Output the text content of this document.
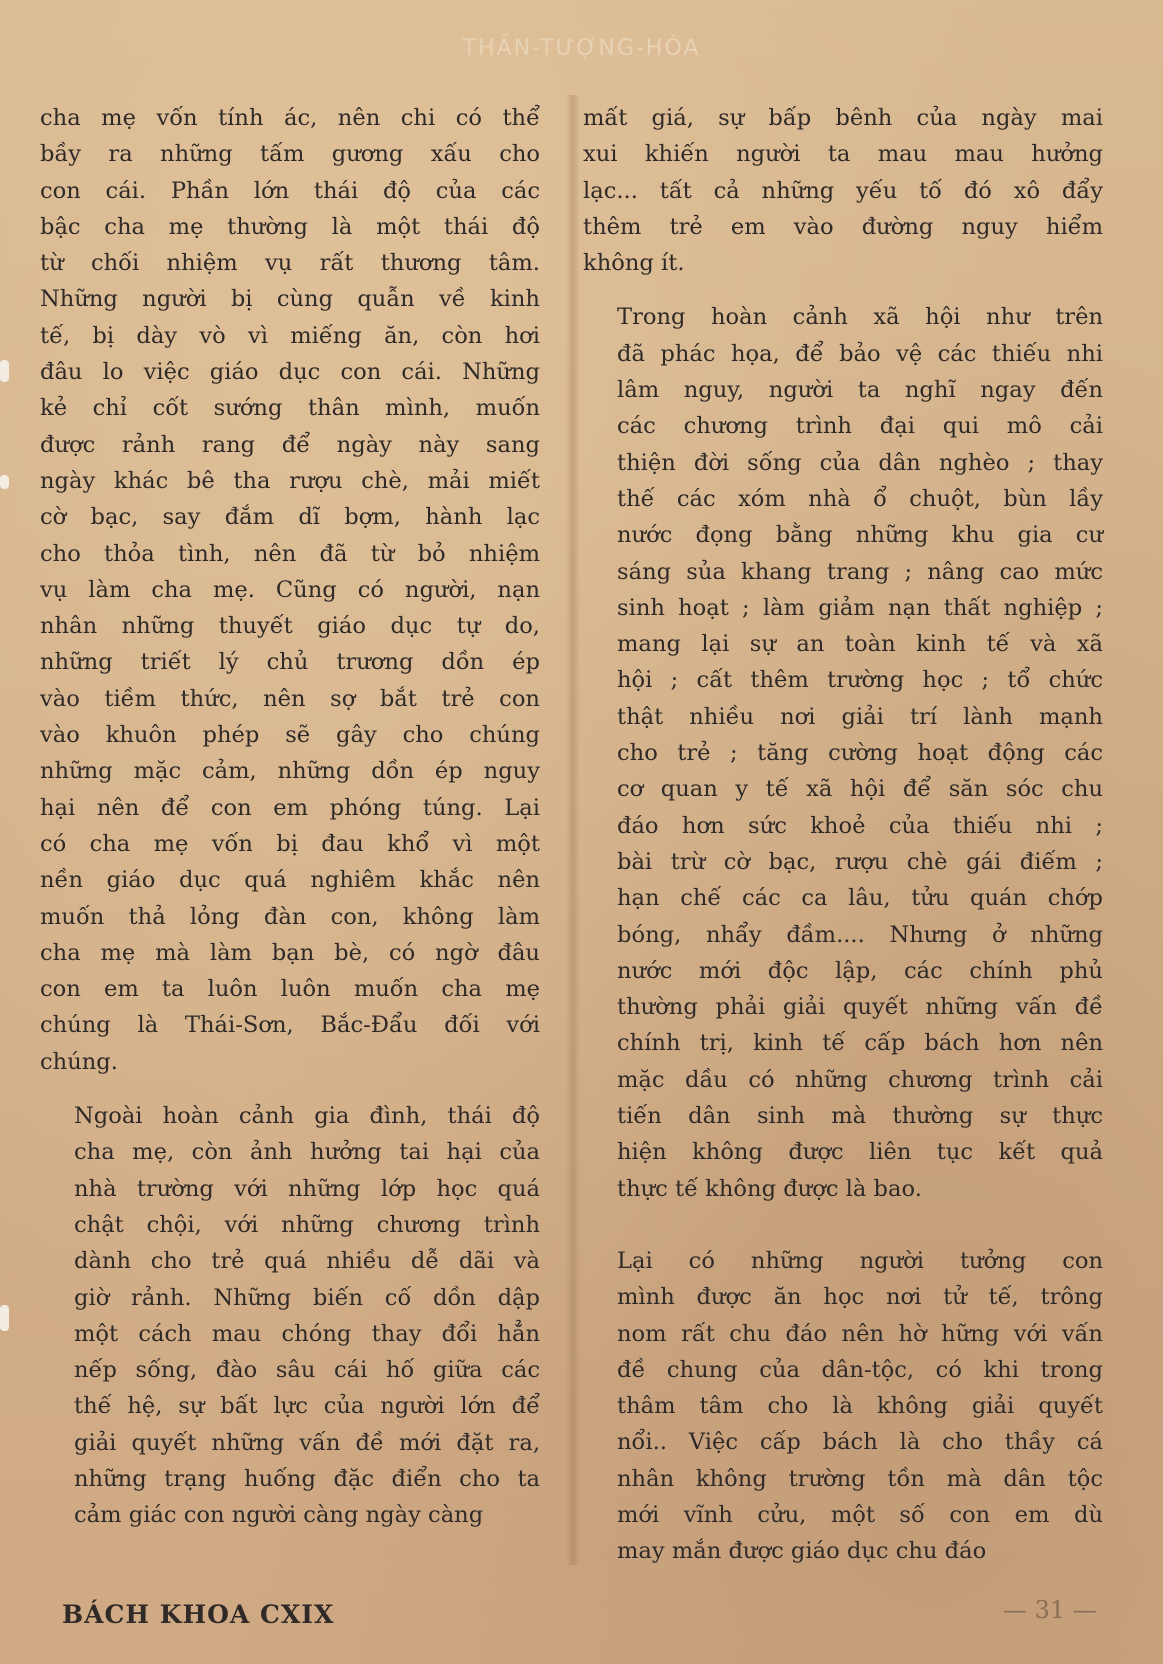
THẦN-TƯỢNG-HÓA

cha mẹ vốn tính ác, nên chi có thể
bầy ra những tấm gương xấu cho
con cái. Phần lớn thái độ của các
bậc cha mẹ thường là một thái độ
từ chối nhiệm vụ rất thương tâm.
Những người bị cùng quẫn về kinh
tế, bị dày vò vì miếng ăn, còn hơi
đâu lo việc giáo dục con cái. Những
kẻ chỉ cốt sướng thân mình, muốn
được rảnh rang để ngày này sang
ngày khác bê tha rượu chè, mải miết
cờ bạc, say đắm dĩ bợm, hành lạc
cho thỏa tình, nên đã từ bỏ nhiệm
vụ làm cha mẹ. Cũng có người, nạn
nhân những thuyết giáo dục tự do,
những triết lý chủ trương dồn ép
vào tiềm thức, nên sợ bắt trẻ con
vào khuôn phép sẽ gây cho chúng
những mặc cảm, những dồn ép nguy
hại nên để con em phóng túng. Lại
có cha mẹ vốn bị đau khổ vì một
nền giáo dục quá nghiêm khắc nên
muốn thả lỏng đàn con, không làm
cha mẹ mà làm bạn bè, có ngờ đâu
con em ta luôn luôn muốn cha mẹ
chúng là Thái-Sơn, Bắc-Đẩu đối với
chúng.

Ngoài hoàn cảnh gia đình, thái độ
cha mẹ, còn ảnh hưởng tai hại của
nhà trường với những lớp học quá
chật chội, với những chương trình
dành cho trẻ quá nhiều dễ dãi và
giờ rảnh. Những biến cố dồn dập
một cách mau chóng thay đổi hẳn
nếp sống, đào sâu cái hố giữa các
thế hệ, sự bất lực của người lớn để
giải quyết những vấn đề mới đặt ra,
những trạng huống đặc điển cho ta
cảm giác con người càng ngày càng

mất giá, sự bấp bênh của ngày mai
xui khiến người ta mau mau hưởng
lạc... tất cả những yếu tố đó xô đẩy
thêm trẻ em vào đường nguy hiểm
không ít.

Trong hoàn cảnh xã hội như trên
đã phác họa, để bảo vệ các thiếu nhi
lâm nguy, người ta nghĩ ngay đến
các chương trình đại qui mô cải
thiện đời sống của dân nghèo ; thay
thế các xóm nhà ổ chuột, bùn lầy
nước đọng bằng những khu gia cư
sáng sủa khang trang ; nâng cao mức
sinh hoạt ; làm giảm nạn thất nghiệp ;
mang lại sự an toàn kinh tế và xã
hội ; cất thêm trường học ; tổ chức
thật nhiều nơi giải trí lành mạnh
cho trẻ ; tăng cường hoạt động các
cơ quan y tế xã hội để săn sóc chu
đáo hơn sức khoẻ của thiếu nhi ;
bài trừ cờ bạc, rượu chè gái điếm ;
hạn chế các ca lâu, tửu quán chớp
bóng, nhẩy đầm.... Nhưng ở những
nước mới độc lập, các chính phủ
thường phải giải quyết những vấn đề
chính trị, kinh tế cấp bách hơn nên
mặc dầu có những chương trình cải
tiến dân sinh mà thường sự thực
hiện không được liên tục kết quả
thực tế không được là bao.

Lại có những người tưởng con
mình được ăn học nơi tử tế, trông
nom rất chu đáo nên hờ hững với vấn
đề chung của dân-tộc, có khi trong
thâm tâm cho là không giải quyết
nổi.. Việc cấp bách là cho thầy cá
nhân không trường tồn mà dân tộc
mới vĩnh cửu, một số con em dù
may mắn được giáo dục chu đáo

BÁCH KHOA CXIX	— 31 —
